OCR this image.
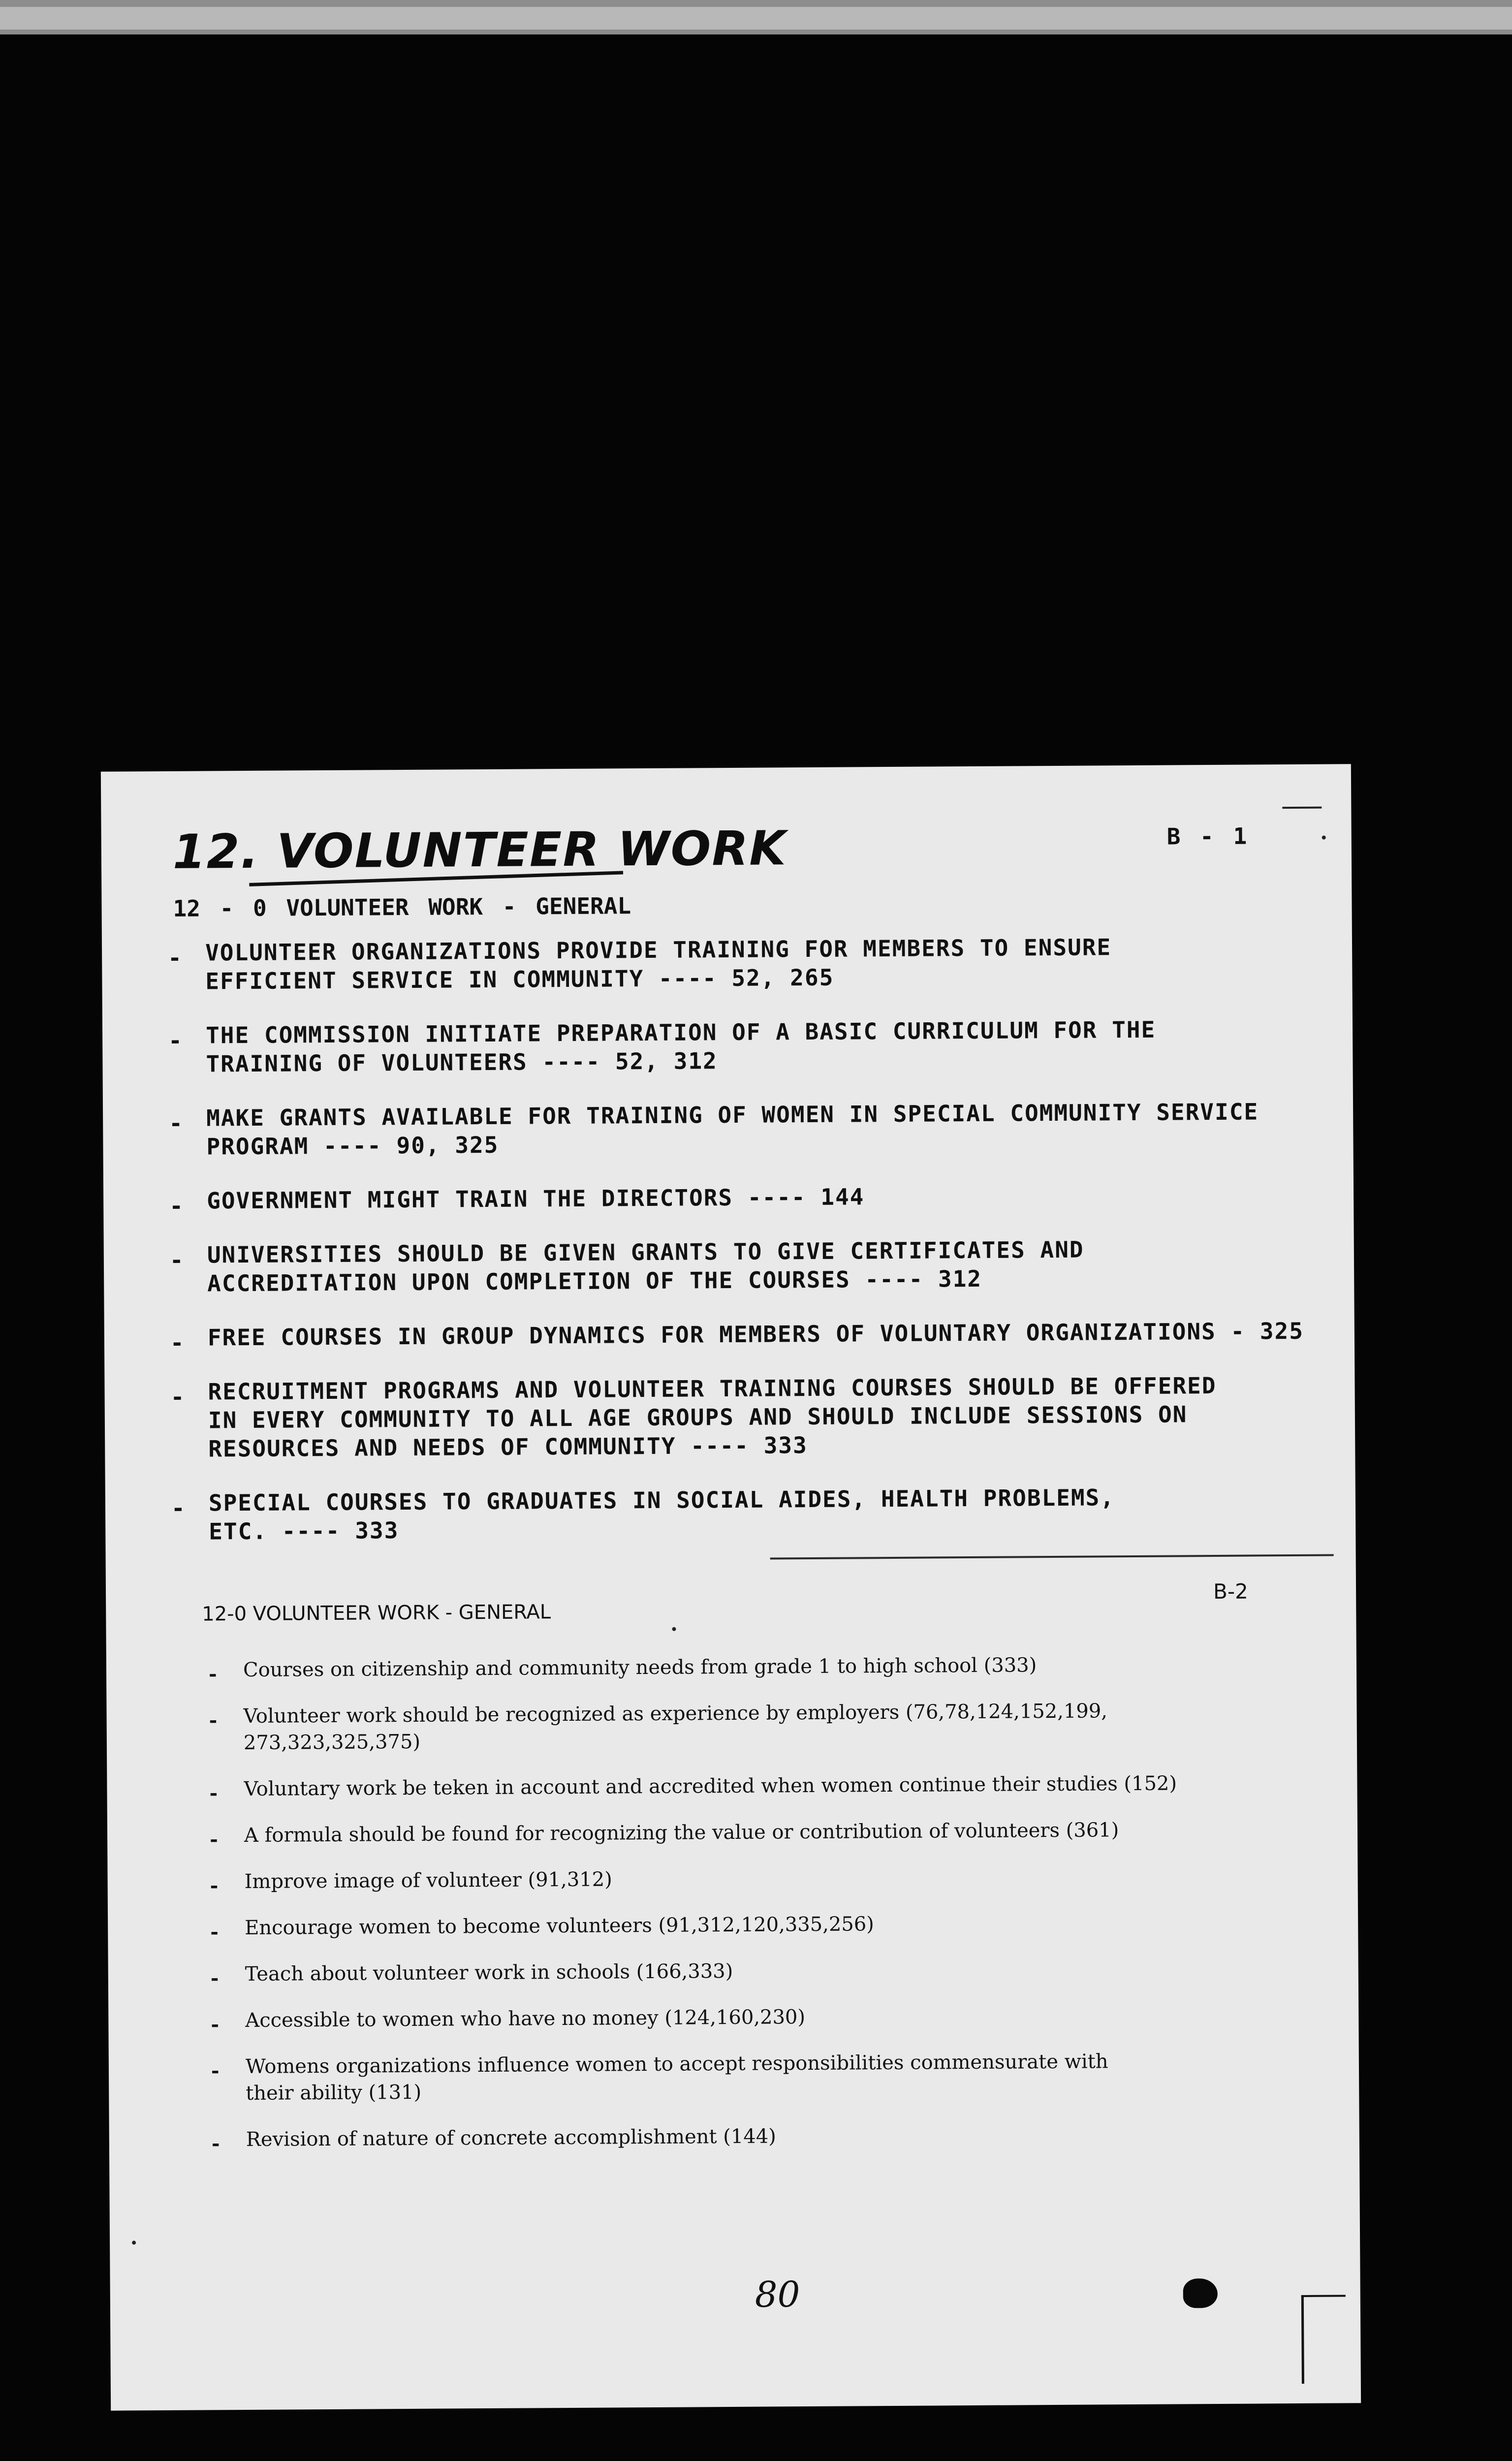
12. VOLUNTEER WORK	B - 1
12 - 0 VOLUNTEER WORK - GENERAL
- VOLUNTEER ORGANIZATIONS PROVIDE TRAINING FOR MEMBERS TO ENSURE
EFFICIENT SERVICE IN COMMUNITY ---- 52, 265
- THE COMMISSION INITIATE PREPARATION OF A BASIC CURRICULUM FOR THE
TRAINING OF VOLUNTEERS ---- 52, 312
- MAKE GRANTS AVAILABLE FOR TRAINING OF WOMEN IN SPECIAL COMMUNITY SERVICE
PROGRAM ---- 90, 325
- GOVERNMENT MIGHT TRAIN THE DIRECTORS ---- 144
- UNIVERSITIES SHOULD BE GIVEN GRANTS TO GIVE CERTIFICATES AND
ACCREDITATION UPON COMPLETION OF THE COURSES ---- 312
- FREE COURSES IN GROUP DYNAMICS FOR MEMBERS OF VOLUNTARY ORGANIZATIONS - 325
- RECRUITMENT PROGRAMS AND VOLUNTEER TRAINING COURSES SHOULD BE OFFERED
IN EVERY COMMUNITY TO ALL AGE GROUPS AND SHOULD INCLUDE SESSIONS ON
RESOURCES AND NEEDS OF COMMUNITY ---- 333
- SPECIAL COURSES TO GRADUATES IN SOCIAL AIDES, HEALTH PROBLEMS,
ETC. ---- 333
B-2
12-0 VOLUNTEER WORK - GENERAL
- Courses on citizenship and community needs from grade 1 to high school (333)
- Volunteer work should be recognized as experience by employers (76,78,124,152,199,
273,323,325,375)
- Voluntary work be teken in account and accredited when women continue their studies (152)
- A formula should be found for recognizing the value or contribution of volunteers (361)
- Improve image of volunteer (91,312)
- Encourage women to become volunteers (91,312,120,335,256)
- Teach about volunteer work in schools (166,333)
- Accessible to women who have no money (124,160,230)
- Womens organizations influence women to accept responsibilities commensurate with
their ability (131)
- Revision of nature of concrete accomplishment (144)
80
